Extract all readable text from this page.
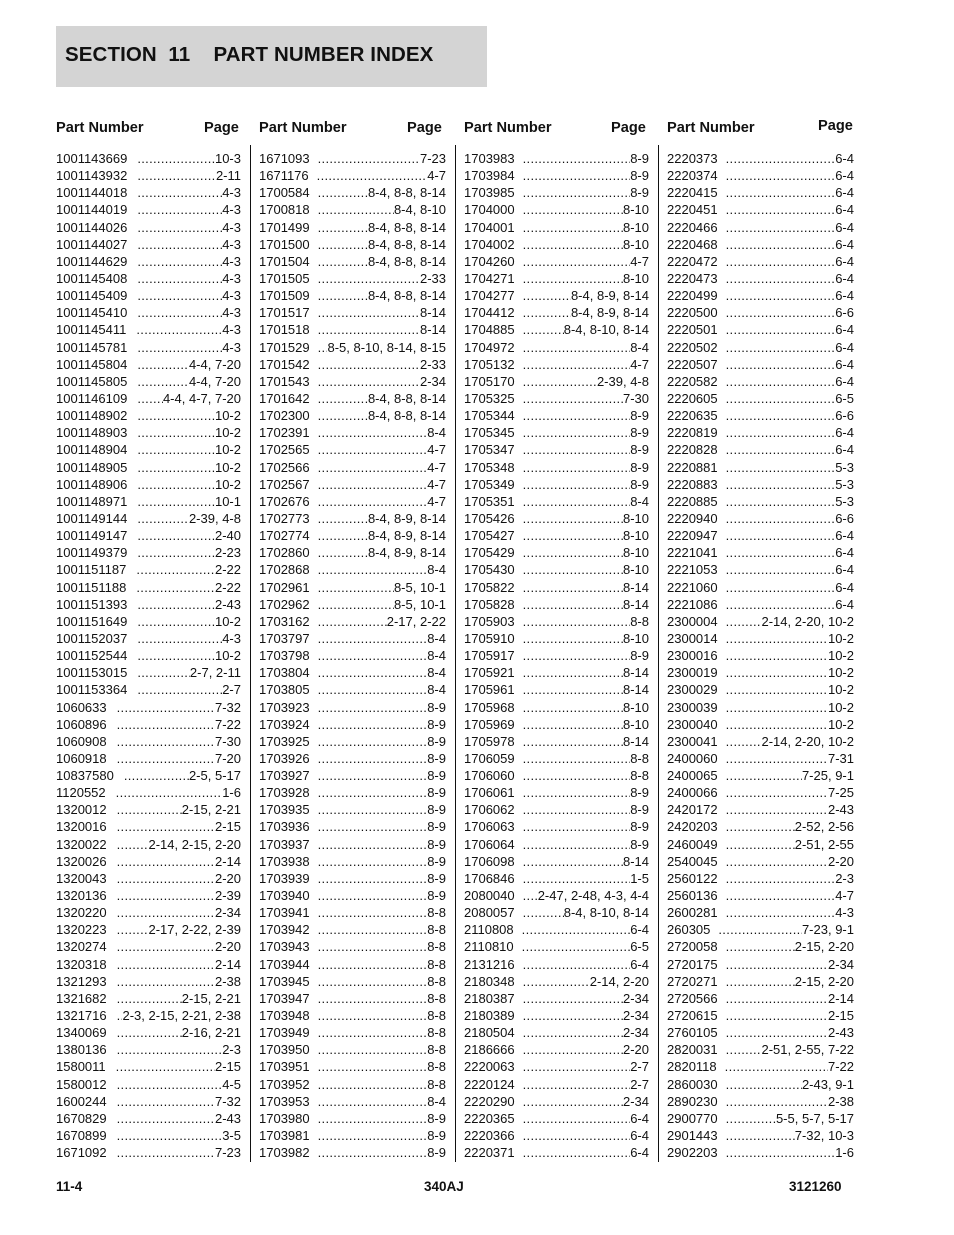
SECTION  11    PART NUMBER INDEX
Part Number	Page
1001143669 .....	10-3
1001143932 .....	2-11
1001144018 .....	4-3
1001144019 .....	4-3
1001144026 .....	4-3
1001144027 .....	4-3
1001144629 .....	4-3
1001145408 .....	4-3
1001145409 .....	4-3
1001145410 .....	4-3
1001145411 .....	4-3
1001145781 .....	4-3
1001145804 .....	4-4, 7-20
1001145805 .....	4-4, 7-20
1001146109 .....	4-4, 4-7, 7-20
1001148902 .....	10-2
1001148903 .....	10-2
1001148904 .....	10-2
1001148905 .....	10-2
1001148906 .....	10-2
1001148971 .....	10-1
1001149144 .....	2-39, 4-8
1001149147 .....	2-40
1001149379 .....	2-23
1001151187 .....	2-22
1001151188 .....	2-22
1001151393 .....	2-43
1001151649 .....	10-2
1001152037 .....	4-3
1001152544 .....	10-2
1001153015 .....	2-7, 2-11
1001153364 .....	2-7
1060633 .....	7-32
1060896 .....	7-22
1060908 .....	7-30
1060918 .....	7-20
10837580 .....	2-5, 5-17
1120552 .....	1-6
1320012 .....	2-15, 2-21
1320016 .....	2-15
1320022 .....	2-14, 2-15, 2-20
1320026 .....	2-14
1320043 .....	2-20
1320136 .....	2-39
1320220 .....	2-34
1320223 .....	2-17, 2-22, 2-39
1320274 .....	2-20
1320318 .....	2-14
1321293 .....	2-38
1321682 .....	2-15, 2-21
1321716 ..... 2-3, 2-15, 2-21, 2-38
1340069 .....	2-16, 2-21
1380136 .....	2-3
1580011 .....	2-15
1580012 .....	4-5
1600244 .....	7-32
1670829 .....	2-43
1670899 .....	3-5
1671092 .....	7-23
Part Number	Page
1671093 .....	7-23
1671176 .....	4-7
1700584 .....	8-4, 8-8, 8-14
1700818 .....	8-4, 8-10
1701499 .....	8-4, 8-8, 8-14
1701500 .....	8-4, 8-8, 8-14
1701504 .....	8-4, 8-8, 8-14
1701505 .....	2-33
1701509 .....	8-4, 8-8, 8-14
1701517 .....	8-14
1701518 .....	8-14
1701529 ..... 8-5, 8-10, 8-14, 8-15
1701542 .....	2-33
1701543 .....	2-34
1701642 .....	8-4, 8-8, 8-14
1702300 .....	8-4, 8-8, 8-14
1702391 .....	8-4
1702565 .....	4-7
1702566 .....	4-7
1702567 .....	4-7
1702676 .....	4-7
1702773 .....	8-4, 8-9, 8-14
1702774 .....	8-4, 8-9, 8-14
1702860 .....	8-4, 8-9, 8-14
1702868 .....	8-4
1702961 .....	8-5, 10-1
1702962 .....	8-5, 10-1
1703162 .....	2-17, 2-22
1703797 .....	8-4
1703798 .....	8-4
1703804 .....	8-4
1703805 .....	8-4
1703923 .....	8-9
1703924 .....	8-9
1703925 .....	8-9
1703926 .....	8-9
1703927 .....	8-9
1703928 .....	8-9
1703935 .....	8-9
1703936 .....	8-9
1703937 .....	8-9
1703938 .....	8-9
1703939 .....	8-9
1703940 .....	8-9
1703941 .....	8-8
1703942 .....	8-8
1703943 .....	8-8
1703944 .....	8-8
1703945 .....	8-8
1703947 .....	8-8
1703948 .....	8-8
1703949 .....	8-8
1703950 .....	8-8
1703951 .....	8-8
1703952 .....	8-8
1703953 .....	8-4
1703980 .....	8-9
1703981 .....	8-9
1703982 .....	8-9
Part Number	Page
1703983 .....	8-9
1703984 .....	8-9
1703985 .....	8-9
1704000 .....	8-10
1704001 .....	8-10
1704002 .....	8-10
1704260 .....	4-7
1704271 .....	8-10
1704277 .....	8-4, 8-9, 8-14
1704412 .....	8-4, 8-9, 8-14
1704885 .....	8-4, 8-10, 8-14
1704972 .....	8-4
1705132 .....	4-7
1705170 .....	2-39, 4-8
1705325 .....	7-30
1705344 .....	8-9
1705345 .....	8-9
1705347 .....	8-9
1705348 .....	8-9
1705349 .....	8-9
1705351 .....	8-4
1705426 .....	8-10
1705427 .....	8-10
1705429 .....	8-10
1705430 .....	8-10
1705822 .....	8-14
1705828 .....	8-14
1705903 .....	8-8
1705910 .....	8-10
1705917 .....	8-9
1705921 .....	8-14
1705961 .....	8-14
1705968 .....	8-10
1705969 .....	8-10
1705978 .....	8-14
1706059 .....	8-8
1706060 .....	8-8
1706061 .....	8-9
1706062 .....	8-9
1706063 .....	8-9
1706064 .....	8-9
1706098 .....	8-14
1706846 .....	1-5
2080040 ..... 2-47, 2-48, 4-3, 4-4
2080057 .....	8-4, 8-10, 8-14
2110808 .....	6-4
2110810 .....	6-5
2131216 .....	6-4
2180348 .....	2-14, 2-20
2180387 .....	2-34
2180389 .....	2-34
2180504 .....	2-34
2186666 .....	2-20
2220063 .....	2-7
2220124 .....	2-7
2220290 .....	2-34
2220365 .....	6-4
2220366 .....	6-4
2220371 .....	6-4
Part Number	Page
2220373 .....	6-4
2220374 .....	6-4
2220415 .....	6-4
2220451 .....	6-4
2220466 .....	6-4
2220468 .....	6-4
2220472 .....	6-4
2220473 .....	6-4
2220499 .....	6-4
2220500 .....	6-6
2220501 .....	6-4
2220502 .....	6-4
2220507 .....	6-4
2220582 .....	6-4
2220605 .....	6-5
2220635 .....	6-6
2220819 .....	6-4
2220828 .....	6-4
2220881 .....	5-3
2220883 .....	5-3
2220885 .....	5-3
2220940 .....	6-6
2220947 .....	6-4
2221041 .....	6-4
2221053 .....	6-4
2221060 .....	6-4
2221086 .....	6-4
2300004 .....	2-14, 2-20, 10-2
2300014 .....	10-2
2300016 .....	10-2
2300019 .....	10-2
2300029 .....	10-2
2300039 .....	10-2
2300040 .....	10-2
2300041 .....	2-14, 2-20, 10-2
2400060 .....	7-31
2400065 .....	7-25, 9-1
2400066 .....	7-25
2420172 .....	2-43
2420203 .....	2-52, 2-56
2460049 .....	2-51, 2-55
2540045 .....	2-20
2560122 .....	2-3
2560136 .....	4-7
2600281 .....	4-3
260305 .....	7-23, 9-1
2720058 .....	2-15, 2-20
2720175 .....	2-34
2720271 .....	2-15, 2-20
2720566 .....	2-14
2720615 .....	2-15
2760105 .....	2-43
2820031 .....	2-51, 2-55, 7-22
2820118 .....	7-22
2860030 .....	2-43, 9-1
2890230 .....	2-38
2900770 .....	5-5, 5-7, 5-17
2901443 .....	7-32, 10-3
2902203 .....	1-6
11-4	340AJ	3121260
